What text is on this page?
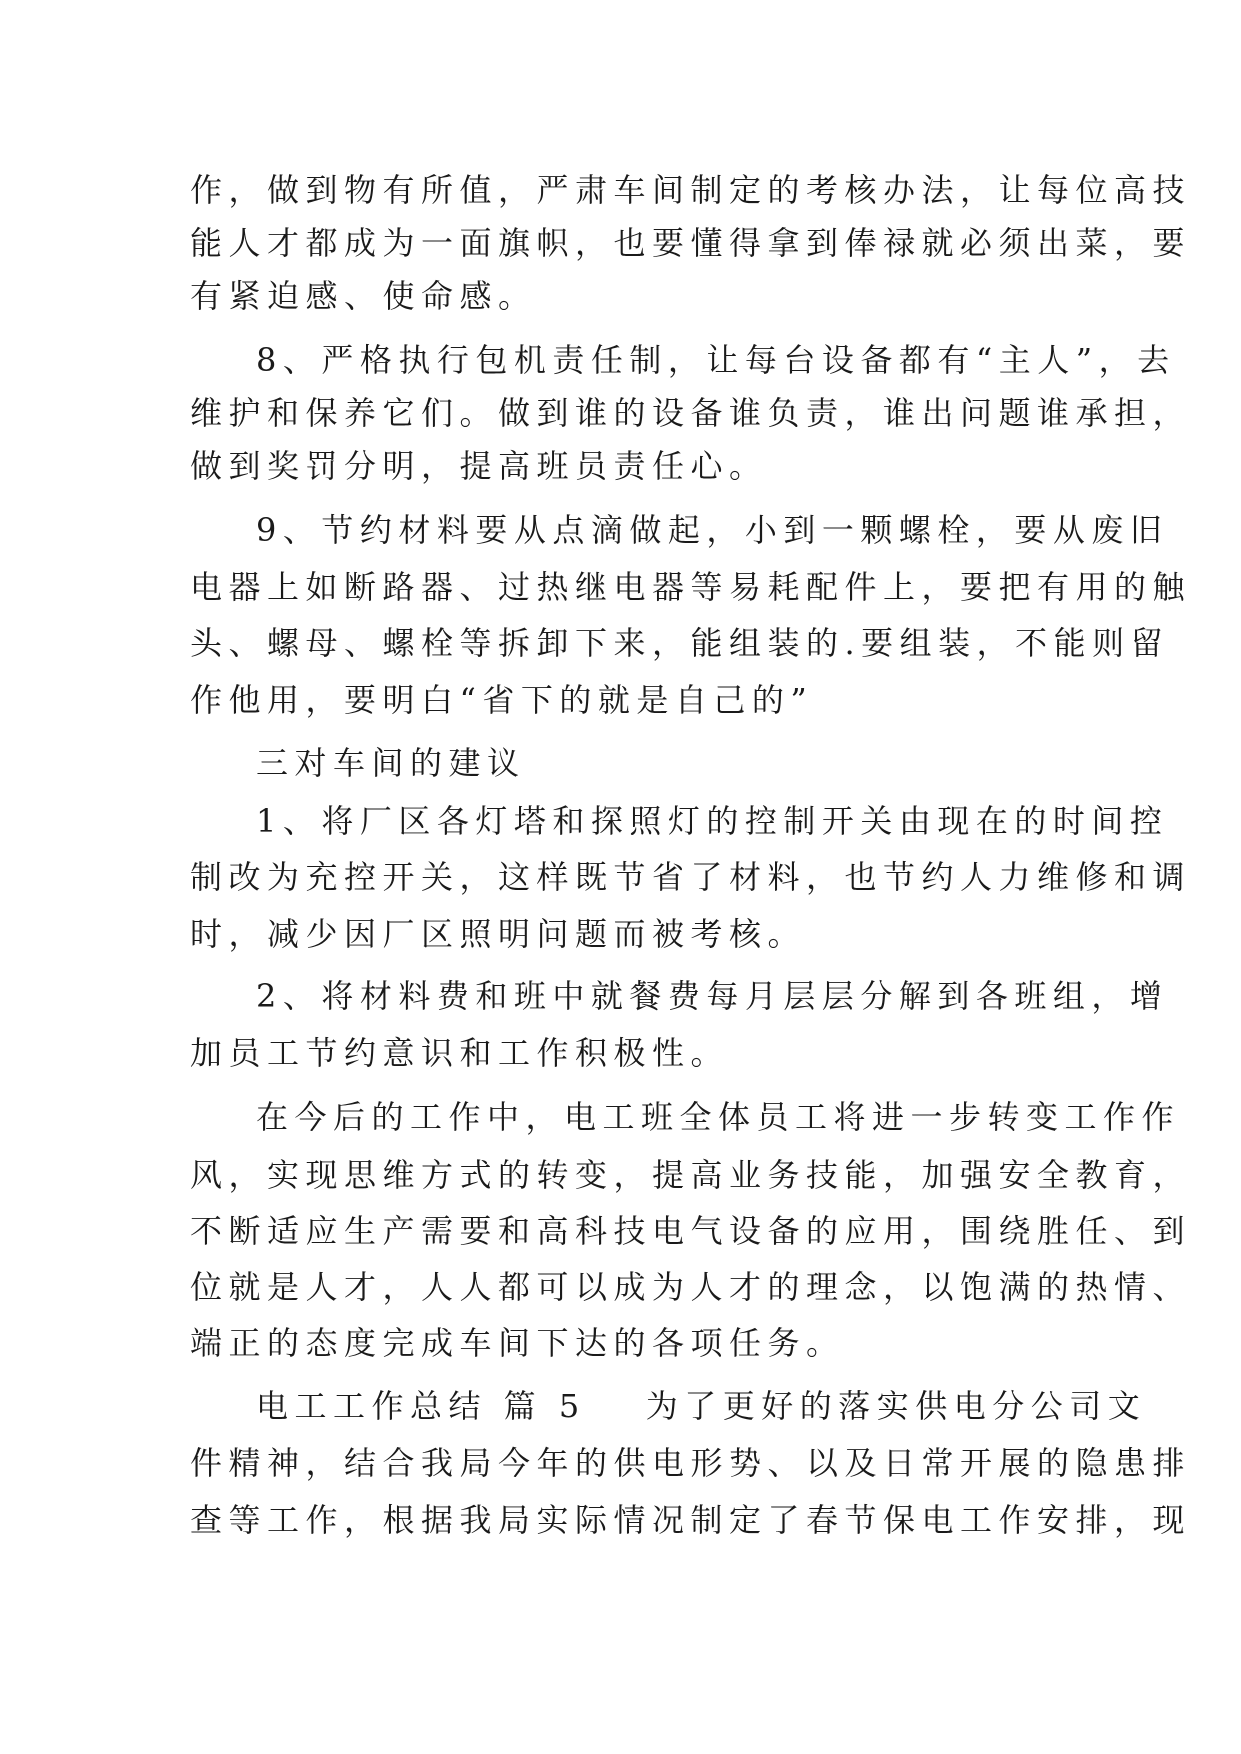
作，做到物有所值，严肃车间制定的考核办法，让每位高技
能人才都成为一面旗帜，也要懂得拿到俸禄就必须出菜，要
有紧迫感、使命感。
8、严格执行包机责任制，让每台设备都有“主人”，去
维护和保养它们。做到谁的设备谁负责，谁出问题谁承担，
做到奖罚分明，提高班员责任心。
9、节约材料要从点滴做起，小到一颗螺栓，要从废旧
电器上如断路器、过热继电器等易耗配件上，要把有用的触
头、螺母、螺栓等拆卸下来，能组装的.要组装，不能则留
作他用，要明白“省下的就是自己的”
三对车间的建议
1、将厂区各灯塔和探照灯的控制开关由现在的时间控
制改为充控开关，这样既节省了材料，也节约人力维修和调
时，减少因厂区照明问题而被考核。
2、将材料费和班中就餐费每月层层分解到各班组，增
加员工节约意识和工作积极性。
在今后的工作中，电工班全体员工将进一步转变工作作
风，实现思维方式的转变，提高业务技能，加强安全教育，
不断适应生产需要和高科技电气设备的应用，围绕胜任、到
位就是人才，人人都可以成为人才的理念，以饱满的热情、
端正的态度完成车间下达的各项任务。
电工工作总结 篇 5 为了更好的落实供电分公司文
件精神，结合我局今年的供电形势、以及日常开展的隐患排
查等工作，根据我局实际情况制定了春节保电工作安排，现
